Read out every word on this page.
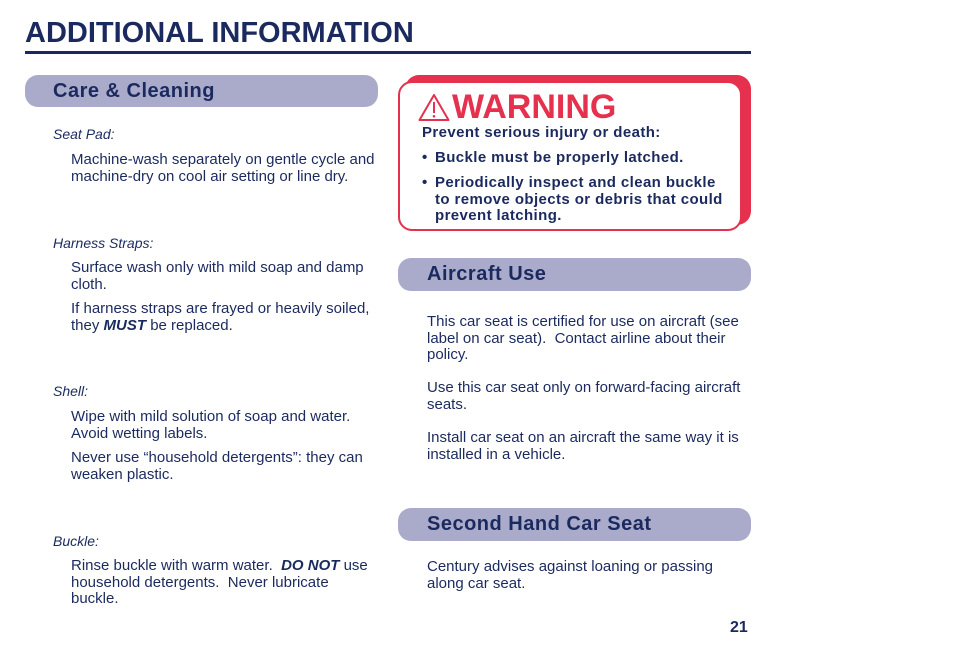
ADDITIONAL INFORMATION
Care & Cleaning

Seat Pad:

Machine-wash separately on gentle cycle and machine-dry on cool air setting or line dry.

Harness Straps:

Surface wash only with mild soap and damp cloth.

If harness straps are frayed or heavily soiled, they MUST be replaced.

Shell:

Wipe with mild solution of soap and water. Avoid wetting labels.

Never use “household detergents”: they can weaken plastic.

Buckle:

Rinse buckle with warm water.  DO NOT use household detergents.  Never lubricate buckle.

WARNING

Prevent serious injury or death:

• Buckle must be properly latched.
• Periodically inspect and clean buckle to remove objects or debris that could prevent latching.
Aircraft Use

This car seat is certified for use on aircraft (see label on car seat).  Contact airline about their policy.

Use this car seat only on forward-facing aircraft seats.

Install car seat on an aircraft the same way it is installed in a vehicle.

Second Hand Car Seat

Century advises against loaning or passing along car seat.

21
